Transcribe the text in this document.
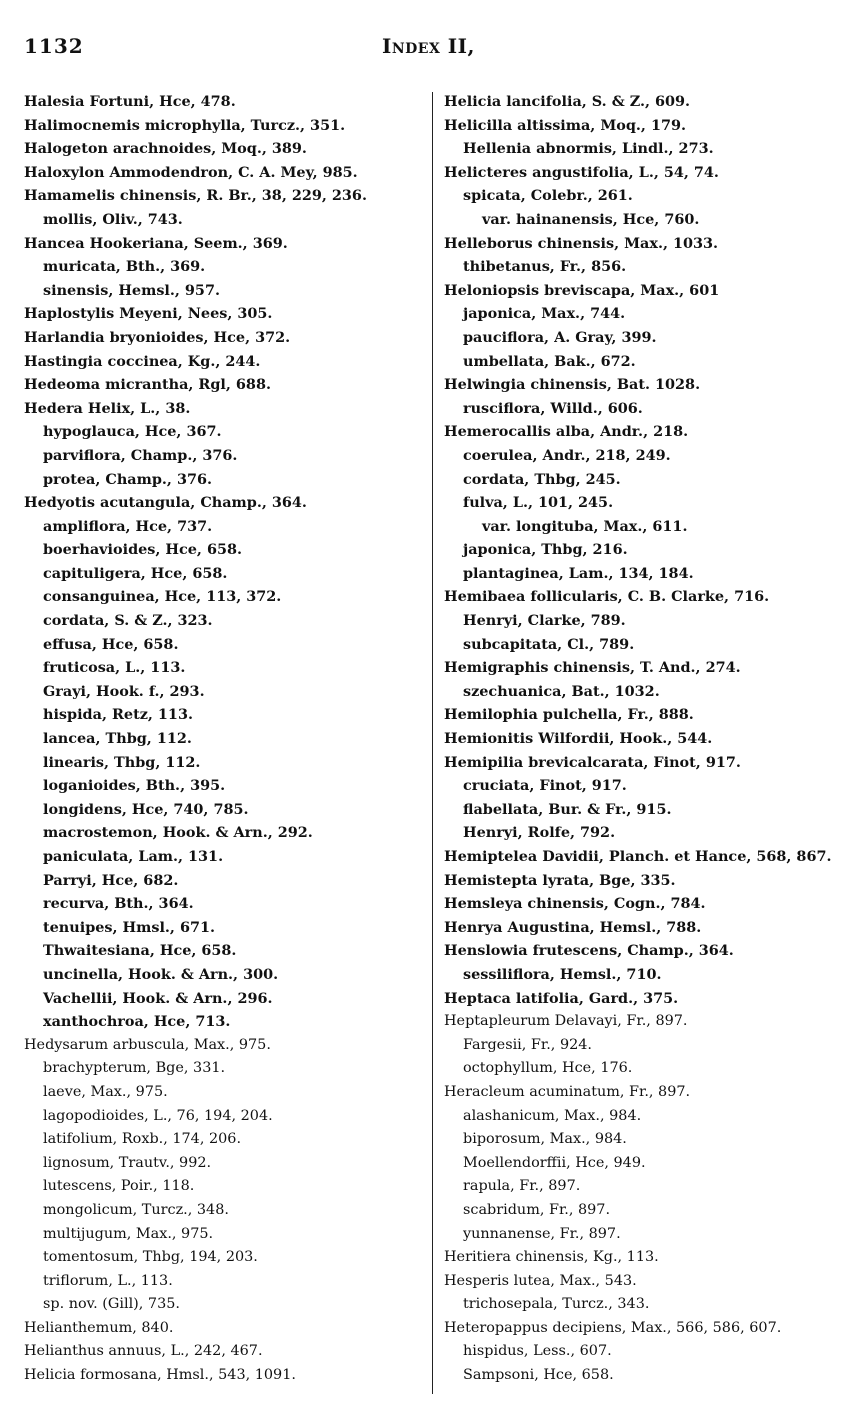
1132	Index II,
Halesia Fortuni, Hce, 478.
Halimocnemis microphylla, Turcz., 351.
Halogeton arachnoides, Moq., 389.
Haloxylon Ammodendron, C. A. Mey, 985.
Hamamelis chinensis, R. Br., 38, 229, 236.
mollis, Oliv., 743.
Hancea Hookeriana, Seem., 369.
muricata, Bth., 369.
sinensis, Hemsl., 957.
Haplostylis Meyeni, Nees, 305.
Harlandia bryonioides, Hce, 372.
Hastingia coccinea, Kg., 244.
Hedeoma micrantha, Rgl, 688.
Hedera Helix, L., 38.
hypoglauca, Hce, 367.
parviflora, Champ., 376.
protea, Champ., 376.
Hedyotis acutangula, Champ., 364.
ampliflora, Hce, 737.
boerhavioides, Hce, 658.
capituligera, Hce, 658.
consanguinea, Hce, 113, 372.
cordata, S. & Z., 323.
effusa, Hce, 658.
fruticosa, L., 113.
Grayi, Hook. f., 293.
hispida, Retz, 113.
lancea, Thbg, 112.
linearis, Thbg, 112.
loganioides, Bth., 395.
longidens, Hce, 740, 785.
macrostemon, Hook. & Arn., 292.
paniculata, Lam., 131.
Parryi, Hce, 682.
recurva, Bth., 364.
tenuipes, Hmsl., 671.
Thwaitesiana, Hce, 658.
uncinella, Hook. & Arn., 300.
Vachellii, Hook. & Arn., 296.
xanthochroa, Hce, 713.
Hedysarum arbuscula, Max., 975.
brachypterum, Bge, 331.
laeve, Max., 975.
lagopodioides, L., 76, 194, 204.
latifolium, Roxb., 174, 206.
lignosum, Trautv., 992.
lutescens, Poir., 118.
mongolicum, Turcz., 348.
multijugum, Max., 975.
tomentosum, Thbg, 194, 203.
triflorum, L., 113.
sp. nov. (Gill), 735.
Helianthemum, 840.
Helianthus annuus, L., 242, 467.
Helicia formosana, Hmsl., 543, 1091.
Helicia lancifolia, S. & Z., 609.
Helicilla altissima, Moq., 179.
Hellenia abnormis, Lindl., 273.
Helicteres angustifolia, L., 54, 74.
spicata, Colebr., 261.
var. hainanensis, Hce, 760.
Helleborus chinensis, Max., 1033.
thibetanus, Fr., 856.
Heloniopsis breviscapa, Max., 601
japonica, Max., 744.
pauciflora, A. Gray, 399.
umbellata, Bak., 672.
Helwingia chinensis, Bat. 1028.
rusciflora, Willd., 606.
Hemerocallis alba, Andr., 218.
coerulea, Andr., 218, 249.
cordata, Thbg, 245.
fulva, L., 101, 245.
var. longituba, Max., 611.
japonica, Thbg, 216.
plantaginea, Lam., 134, 184.
Hemibaea follicularis, C. B. Clarke, 716.
Henryi, Clarke, 789.
subcapitata, Cl., 789.
Hemigraphis chinensis, T. And., 274.
szechuanica, Bat., 1032.
Hemilophia pulchella, Fr., 888.
Hemionitis Wilfordii, Hook., 544.
Hemipilia brevicalcarata, Finot, 917.
cruciata, Finot, 917.
flabellata, Bur. & Fr., 915.
Henryi, Rolfe, 792.
Hemiptelea Davidii, Planch. et Hance, 568, 867.
Hemistepta lyrata, Bge, 335.
Hemsleya chinensis, Cogn., 784.
Henrya Augustina, Hemsl., 788.
Henslowia frutescens, Champ., 364.
sessiliflora, Hemsl., 710.
Heptaca latifolia, Gard., 375.
Heptapleurum Delavayi, Fr., 897.
Fargesii, Fr., 924.
octophyllum, Hce, 176.
Heracleum acuminatum, Fr., 897.
alashanicum, Max., 984.
biporosum, Max., 984.
Moellendorffii, Hce, 949.
rapula, Fr., 897.
scabridum, Fr., 897.
yunnanense, Fr., 897.
Heritiera chinensis, Kg., 113.
Hesperis lutea, Max., 543.
trichosepala, Turcz., 343.
Heteropappus decipiens, Max., 566, 586, 607.
hispidus, Less., 607.
Sampsoni, Hce, 658.
